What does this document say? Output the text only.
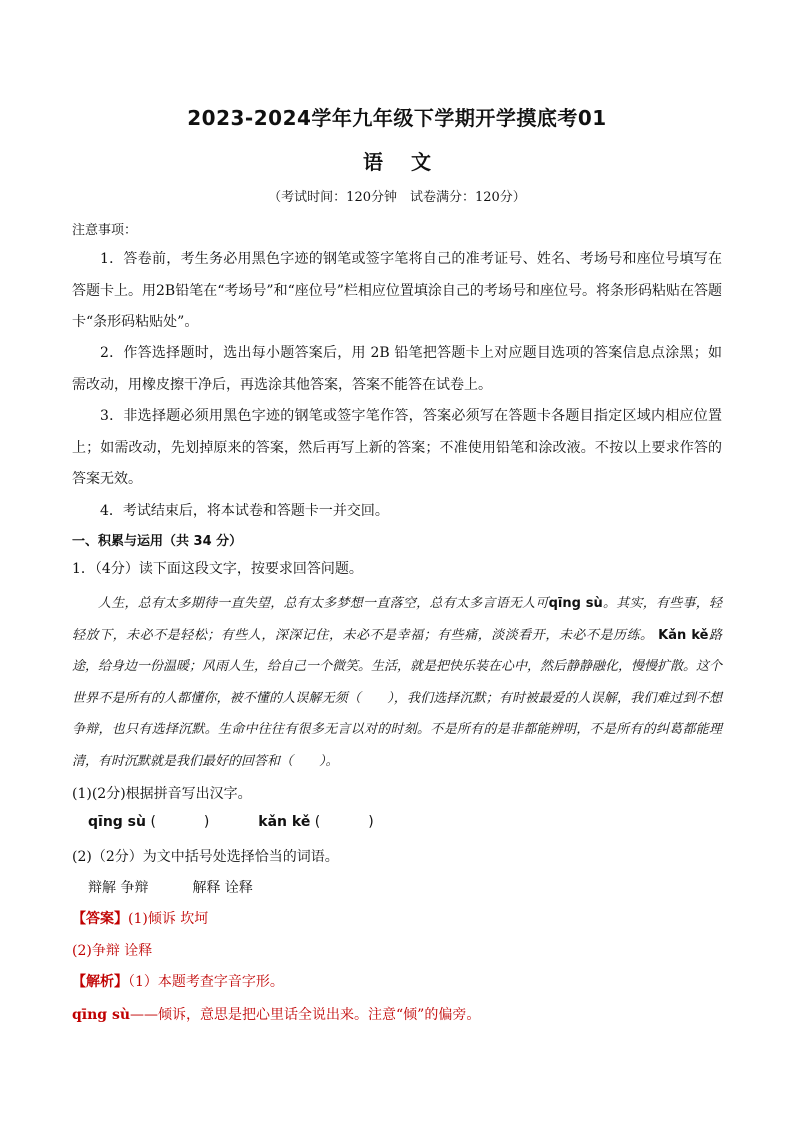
2023-2024学年九年级下学期开学摸底考01
语 文
（考试时间：120分钟　试卷满分：120分）
注意事项：
1．答卷前，考生务必用黑色字迹的钢笔或签字笔将自己的准考证号、姓名、考场号和座位号填写在答题卡上。用2B铅笔在“考场号”和“座位号”栏相应位置填涂自己的考场号和座位号。将条形码粘贴在答题卡“条形码粘贴处”。
2．作答选择题时，选出每小题答案后，用 2B 铅笔把答题卡上对应题目选项的答案信息点涂黑；如需改动，用橡皮擦干净后，再选涂其他答案，答案不能答在试卷上。
3．非选择题必须用黑色字迹的钢笔或签字笔作答，答案必须写在答题卡各题目指定区域内相应位置上；如需改动，先划掉原来的答案，然后再写上新的答案；不准使用铅笔和涂改液。不按以上要求作答的答案无效。
4．考试结束后，将本试卷和答题卡一并交回。
一、积累与运用（共 34 分）
1．（4分）读下面这段文字，按要求回答问题。
人生，总有太多期待一直失望，总有太多梦想一直落空，总有太多言语无人可qīng sù。其实，有些事，轻轻放下，未必不是轻松；有些人，深深记住，未必不是幸福；有些痛，淡淡看开，未必不是历练。 Kǎn kě路途，给身边一份温暖；风雨人生，给自己一个微笑。生活，就是把快乐装在心中，然后静静融化，慢慢扩散。这个世界不是所有的人都懂你，被不懂的人误解无须（　　），我们选择沉默；有时被最爱的人误解，我们难过到不想争辩，也只有选择沉默。生命中往往有很多无言以对的时刻。不是所有的是非都能辨明，不是所有的纠葛都能理清，有时沉默就是我们最好的回答和（　　）。
(1)(2分)根据拼音写出汉字。
qīng sù (	)	kǎn kě (	)
(2)（2分）为文中括号处选择恰当的词语。
辩解 争辩	解释 诠释
【答案】(1)倾诉 坎坷
(2)争辩 诠释
【解析】（1）本题考查字音字形。
qīng sù——倾诉，意思是把心里话全说出来。注意“倾”的偏旁。
